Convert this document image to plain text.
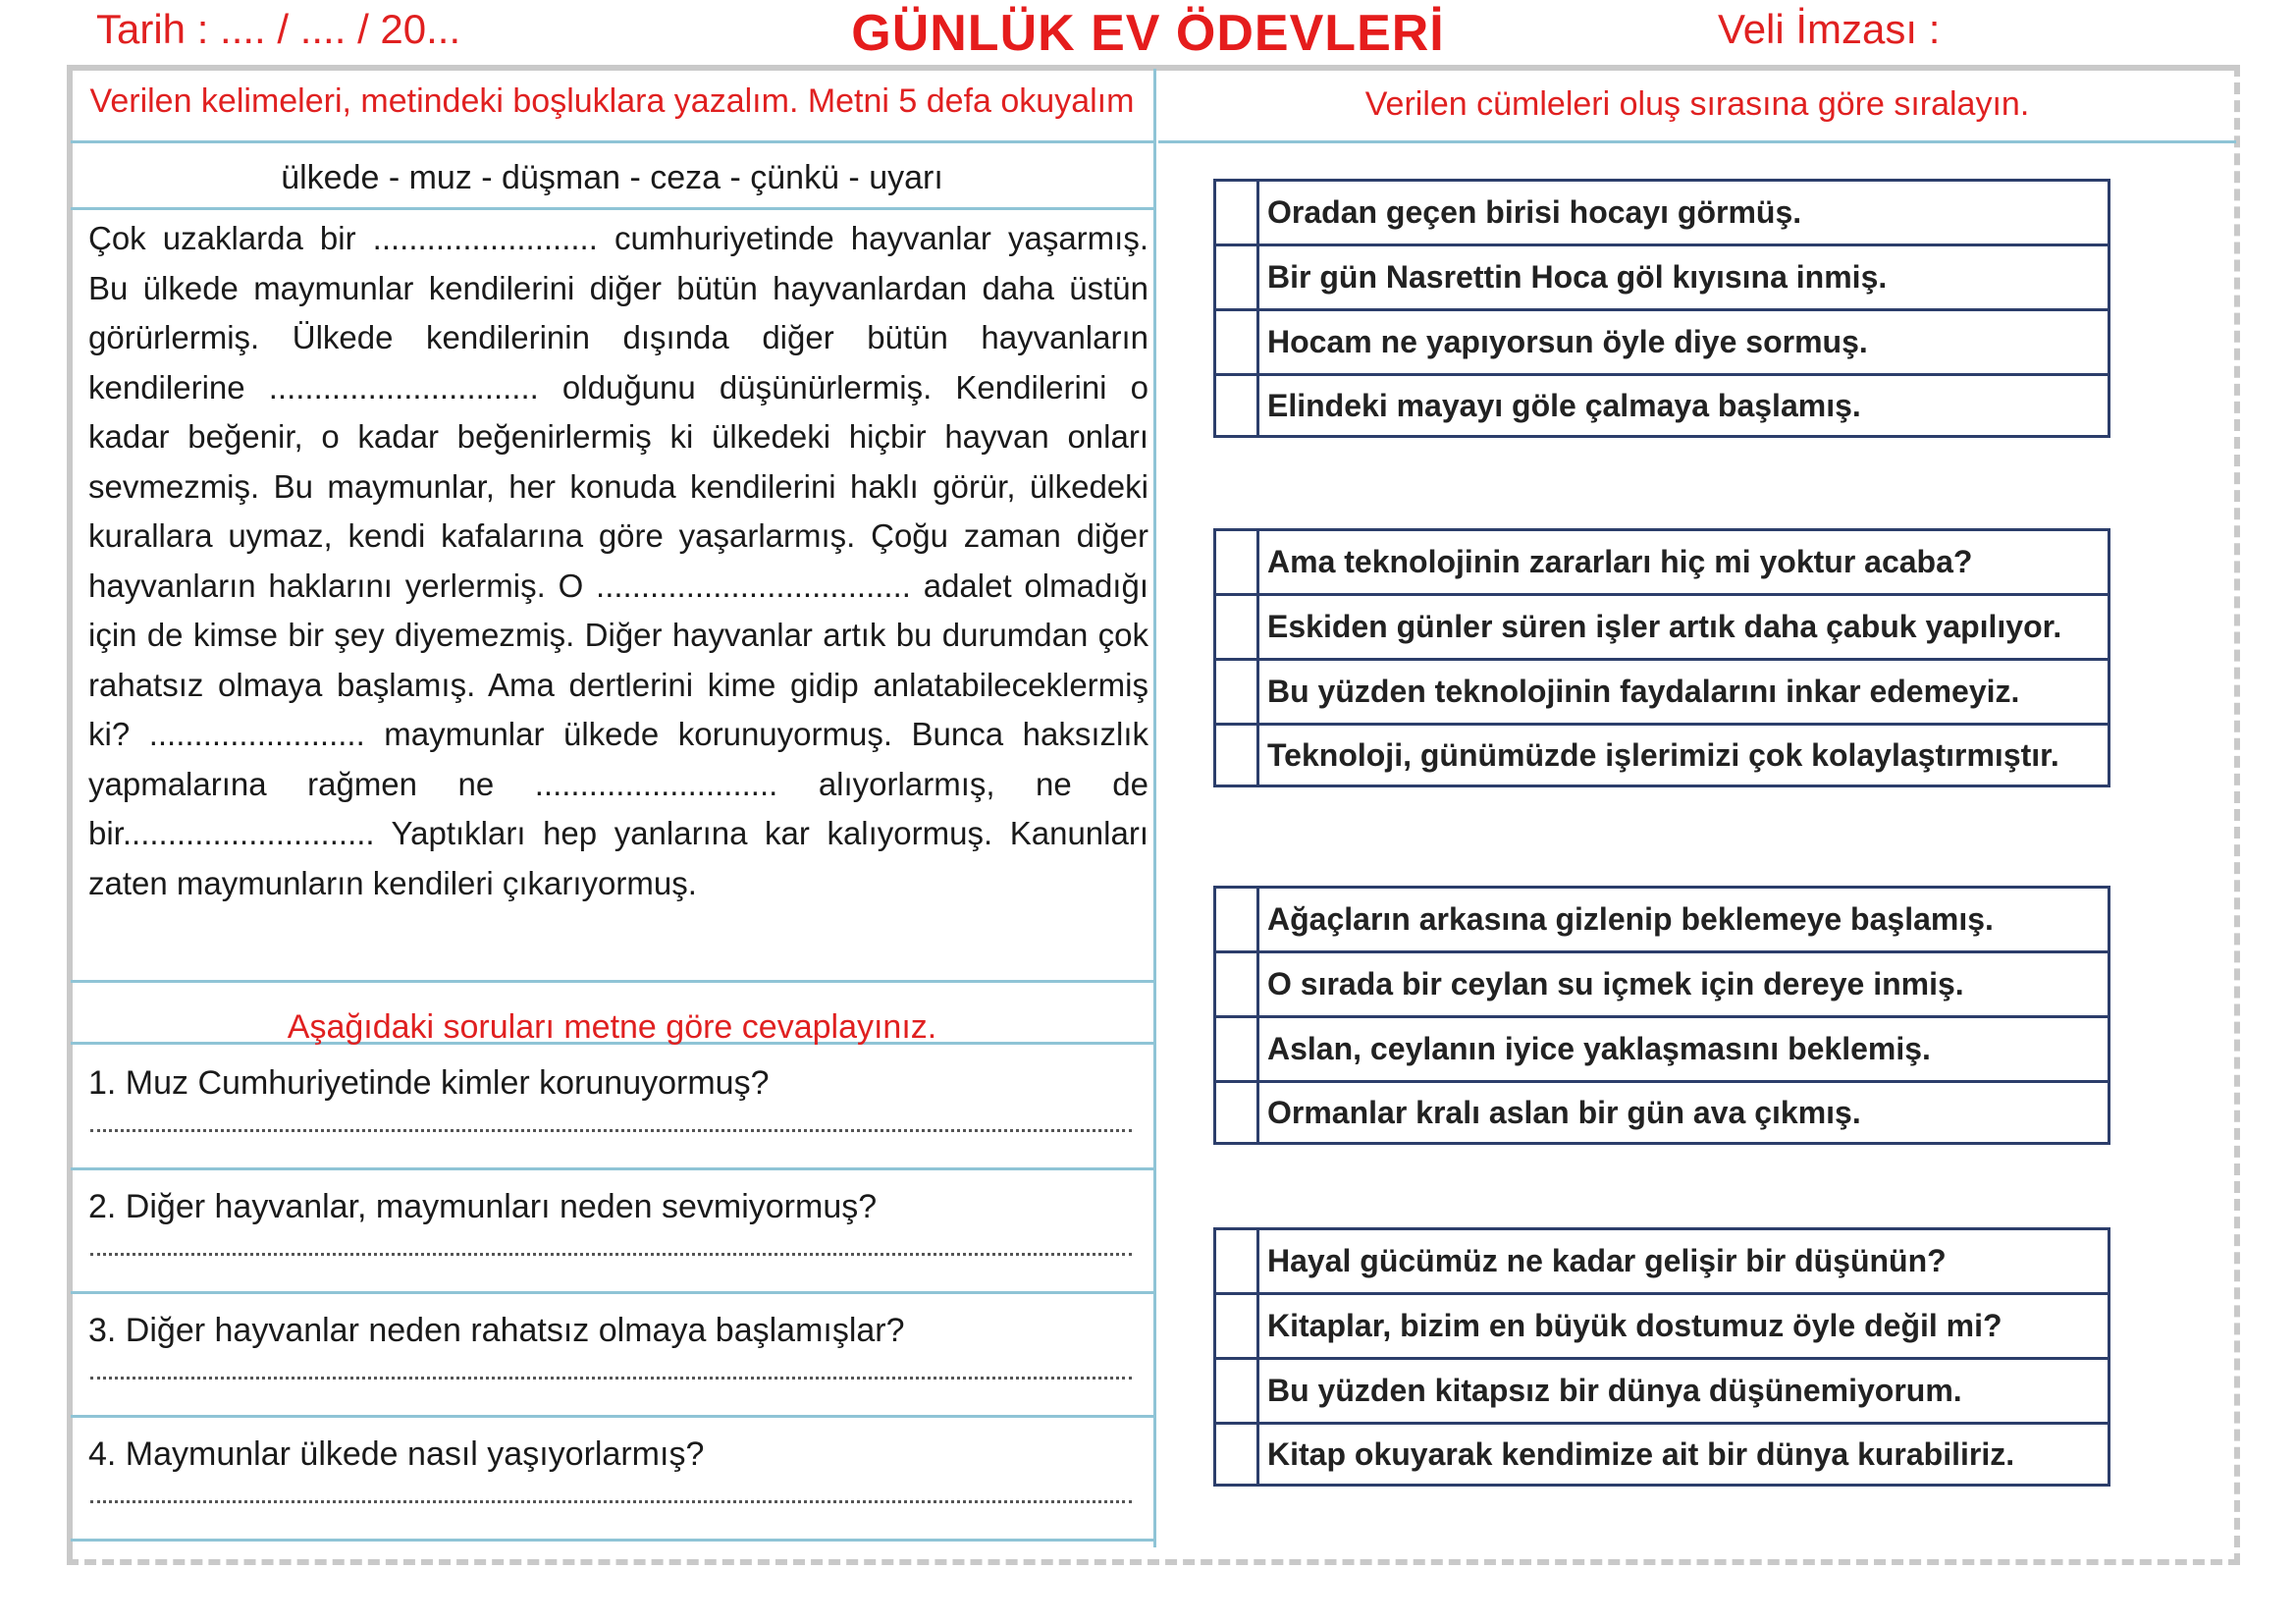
Tarih : .... / .... / 20...	GÜNLÜK EV ÖDEVLERİ	Veli İmzası :
Verilen kelimeleri, metindeki boşluklara yazalım. Metni 5 defa okuyalım
ülkede - muz - düşman - ceza - çünkü - uyarı

Çok uzaklarda bir ......................... cumhuriyetinde hayvanlar yaşarmış. Bu ülkede maymunlar kendilerini diğer bütün hayvanlardan daha üstün görürlermiş. Ülkede kendilerinin dışında diğer bütün hayvanların kendilerine .............................. olduğunu düşünürlermiş. Kendilerini o kadar beğenir, o kadar beğenirlermiş ki ülkedeki hiçbir hayvan onları sevmezmiş. Bu maymunlar, her konuda kendilerini haklı görür, ülkedeki kurallara uymaz, kendi kafalarına göre yaşarlarmış. Çoğu zaman diğer hayvanların haklarını yerlermiş. O ................................... adalet olmadığı için de kimse bir şey diyemezmiş. Diğer hayvanlar artık bu durumdan çok rahatsız olmaya başlamış. Ama dertlerini kime gidip anlatabileceklermiş ki? ........................ maymunlar ülkede korunuyormuş. Bunca haksızlık yapmalarına rağmen ne ........................... alıyorlarmış, ne de bir............................ Yaptıkları hep yanlarına kar kalıyormuş. Kanunları zaten maymunların kendileri çıkarıyormuş.

Aşağıdaki soruları metne göre cevaplayınız.
1. Muz Cumhuriyetinde kimler korunuyormuş?
2. Diğer hayvanlar, maymunları neden sevmiyormuş?
3. Diğer hayvanlar neden rahatsız olmaya başlamışlar?
4. Maymunlar ülkede nasıl yaşıyorlarmış?
Verilen cümleleri oluş sırasına göre sıralayın.
Oradan geçen birisi hocayı görmüş.
Bir gün Nasrettin Hoca göl kıyısına inmiş.
Hocam ne yapıyorsun öyle diye sormuş.
Elindeki mayayı göle çalmaya başlamış.
Ama teknolojinin zararları hiç mi yoktur acaba?
Eskiden günler süren işler artık daha çabuk yapılıyor.
Bu yüzden teknolojinin faydalarını inkar edemeyiz.
Teknoloji, günümüzde işlerimizi çok kolaylaştırmıştır.
Ağaçların arkasına gizlenip beklemeye başlamış.
O sırada bir ceylan su içmek için dereye inmiş.
Aslan, ceylanın iyice yaklaşmasını beklemiş.
Ormanlar kralı aslan bir gün ava çıkmış.
Hayal gücümüz ne kadar gelişir bir düşünün?
Kitaplar, bizim en büyük dostumuz öyle değil mi?
Bu yüzden kitapsız bir dünya düşünemiyorum.
Kitap okuyarak kendimize ait bir dünya kurabiliriz.
